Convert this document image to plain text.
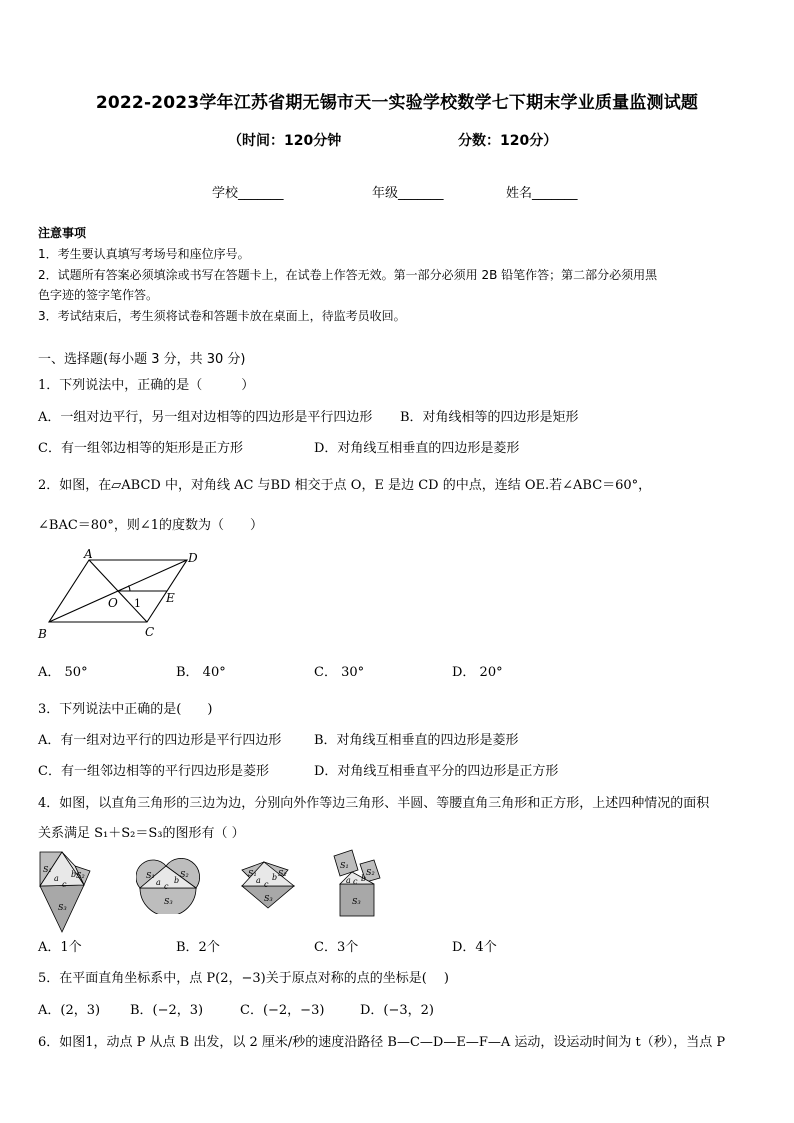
2022-2023学年江苏省期无锡市天一实验学校数学七下期末学业质量监测试题
（时间：120分钟	分数：120分）
学校_______	年级_______	姓名_______
注意事项
1．考生要认真填写考场号和座位序号。
2．试题所有答案必须填涂或书写在答题卡上，在试卷上作答无效。第一部分必须用 2B 铅笔作答；第二部分必须用黑
色字迹的签字笔作答。
3．考试结束后，考生须将试卷和答题卡放在桌面上，待监考员收回。
一、选择题(每小题 3 分，共 30 分)
1．下列说法中，正确的是（　　　）
A．一组对边平行，另一组对边相等的四边形是平行四边形 B．对角线相等的四边形是矩形
C．有一组邻边相等的矩形是正方形	D．对角线互相垂直的四边形是菱形
2．如图，在▱ABCD 中，对角线 AC 与BD 相交于点 O，E 是边 CD 的中点，连结 OE.若∠ABC＝60°，
∠BAC＝80°，则∠1的度数为（　　）
A	D
O	E
B	C
1
A． 50°	B． 40°	C． 30°	D． 20°
3．下列说法中正确的是(　　)
A．有一组对边平行的四边形是平行四边形	B．对角线互相垂直的四边形是菱形
C．有一组邻边相等的平行四边形是菱形	D．对角线互相垂直平分的四边形是正方形
4．如图，以直角三角形的三边为边，分别向外作等边三角形、半圆、等腰直角三角形和正方形，上述四种情况的面积
关系满足 S₁＋S₂＝S₃的图形有（ ）
S₁
S₂
S₃
a
c
b	S₁	S₂
S₃
a c
b
S₁	S₂
S₃
a c
b
S₁
S₂
S₃
a c b
A．1个	B．2个	C．3个	D．4个
5．在平面直角坐标系中，点 P(2，−3)关于原点对称的点的坐标是(　 )
A．(2，3) B．(−2，3)	C．(−2，−3)	D．(−3，2)
6．如图1，动点 P 从点 B 出发，以 2 厘米/秒的速度沿路径 B—C—D—E—F—A 运动，设运动时间为 t（秒），当点 P
